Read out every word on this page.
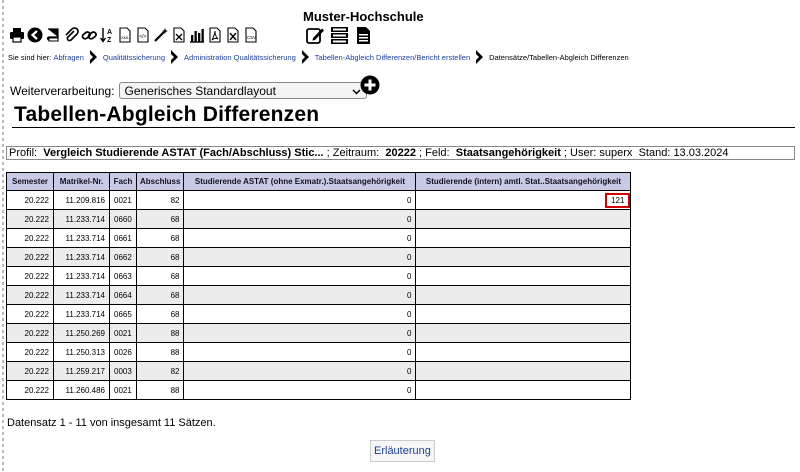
Muster-Hochschule
A
Z XML </>	CSV
Sie sind hier:
Abfragen	Qualitätssicherung	Administration Qualitätssicherung	Tabellen-Abgleich Differenzen/Bericht erstellen	Datensätze/Tabellen-Abgleich Differenzen
Weiterverarbeitung: Generisches Standardlayout
Tabellen-Abgleich Differenzen
Profil: Vergleich Studierende ASTAT (Fach/Abschluss) Stic... ; Zeitraum: 20222 ; Feld: Staatsangehörigkeit ; User: superx Stand: 13.03.2024
Semester	Matrikel-Nr.	Fach	Abschluss	Studierende ASTAT (ohne Exmatr.).Staatsangehörigkeit	Studierende (intern) amtl. Stat..Staatsangehörigkeit
20.222	11.209.816	0021	82	0	121
20.222	11.233.714	0660	68	0	
20.222	11.233.714	0661	68	0	
20.222	11.233.714	0662	68	0	
20.222	11.233.714	0663	68	0	
20.222	11.233.714	0664	68	0	
20.222	11.233.714	0665	68	0	
20.222	11.250.269	0021	88	0	
20.222	11.250.313	0026	88	0	
20.222	11.259.217	0003	82	0	
20.222	11.260.486	0021	88	0	
Datensatz 1 - 11 von insgesamt 11 Sätzen.
Erläuterung
